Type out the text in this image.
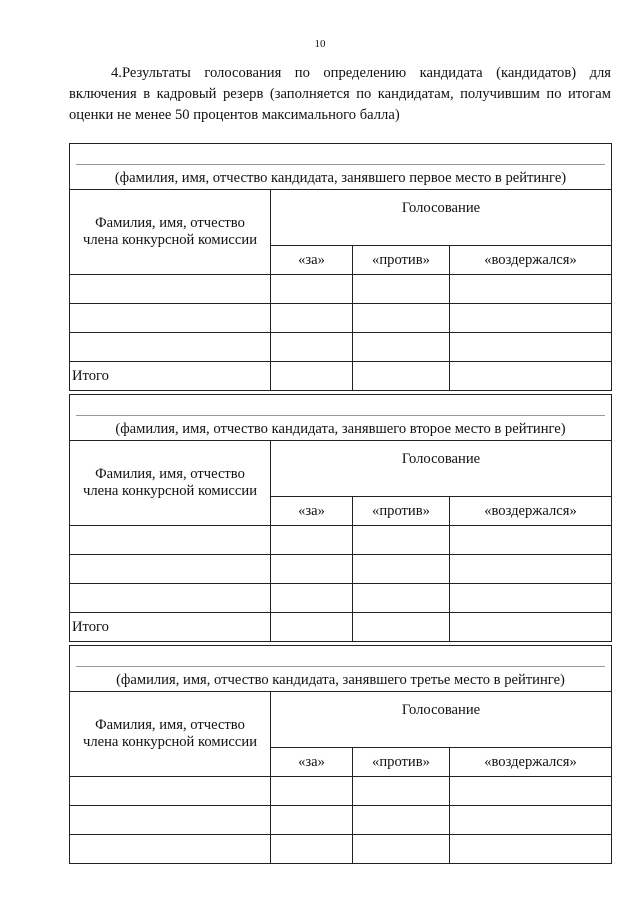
10

4.Результаты голосования по определению кандидата (кандидатов) для включения в кадровый резерв (заполняется по кандидатам, получившим по итогам оценки не менее 50 процентов максимального балла)

(фамилия, имя, отчество кандидата, занявшего первое место в рейтинге)			

Фамилия, имя, отчество
члена конкурсной комиссии	Голосование		
	«за»	«против»	«воздержался»

Итого			
(фамилия, имя, отчество кандидата, занявшего второе место в рейтинге)			

Фамилия, имя, отчество
члена конкурсной комиссии	Голосование		
	«за»	«против»	«воздержался»

Итого			
(фамилия, имя, отчество кандидата, занявшего третье место в рейтинге)			

Фамилия, имя, отчество
члена конкурсной комиссии	Голосование		
	«за»	«против»	«воздержался»
